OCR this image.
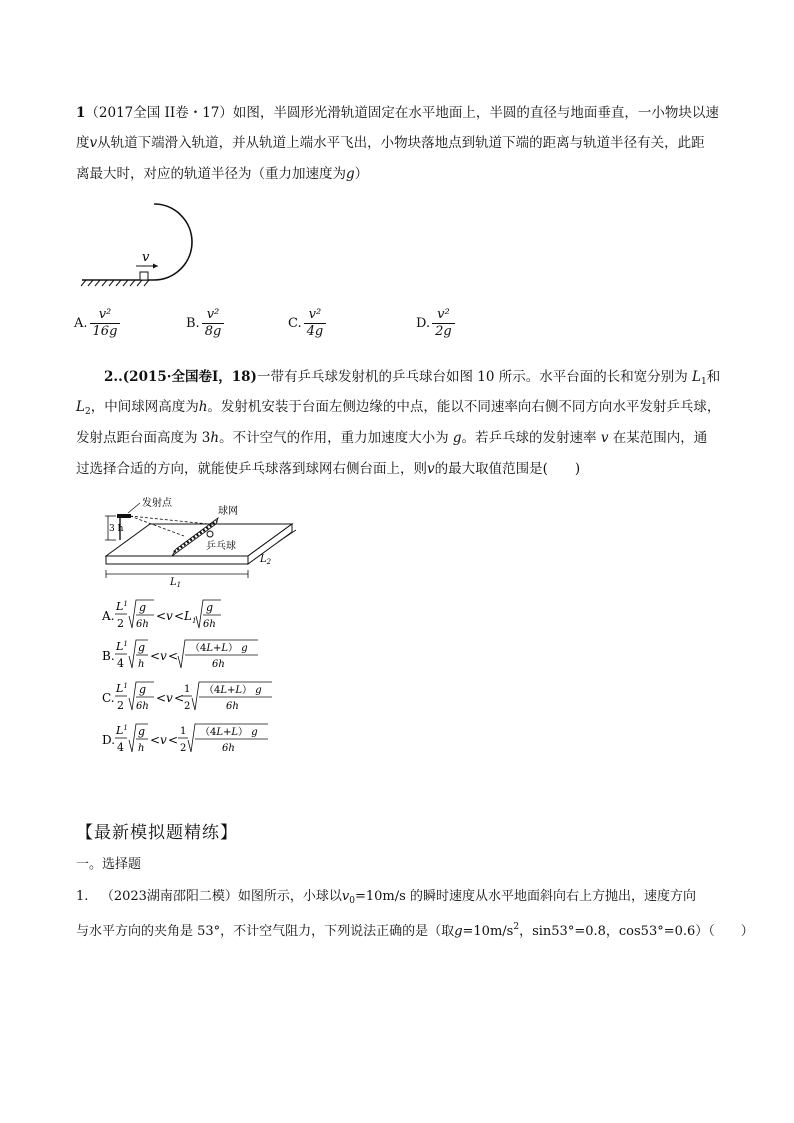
1（2017全国 II卷・17）如图，半圆形光滑轨道固定在水平地面上，半圆的直径与地面垂直，一小物块以速
度v从轨道下端滑入轨道，并从轨道上端水平飞出，小物块落地点到轨道下端的距离与轨道半径有关，此距
离最大时，对应的轨道半径为（重力加速度为g）
v
A. $\frac{\text{v²}}{16g}$	B. $\frac{\text{v²}}{8g}$	C. $\frac{\text{v²}}{4g}$	D. $\frac{\text{v²}}{2g}$
2..(2015·全国卷Ⅰ，18)一带有乒乓球发射机的乒乓球台如图 10 所示。水平台面的长和宽分别为 $L_1$和
$L_2$，中间球网高度为h。发射机安装于台面左侧边缘的中点，能以不同速率向右侧不同方向水平发射乒乓球，
发射点距台面高度为 3h。不计空气的作用，重力加速度大小为 g。若乒乓球的发射速率 v 在某范围内，通
过选择合适的方向，就能使乒乓球落到球网右侧台面上，则v的最大取值范围是(　　)
3 h
发射点
球网
乒乓球
$L_1$
$L_2$
A.
$L^1$
2
g
6h
< $v < L_1$
g
6h
B.
$L^1$
4
g
h
< v <
（4L+L） g
6h
C.
$L^1$
2
g
6h
< v <
1
2
（4L+L） g
6h
D.
$L^1$
4
g
h
< v <
1
2
（4L+L） g
6h
【最新模拟题精练】
一。选择题
1. （2023湖南邵阳二模）如图所示，小球以$v_0=10m/s$ 的瞬时速度从水平地面斜向右上方抛出，速度方向
与水平方向的夹角是 53°，不计空气阻力，下列说法正确的是（取$g=10m/s^2$，sin53°=0.8，cos53°=0.6）（　　）
